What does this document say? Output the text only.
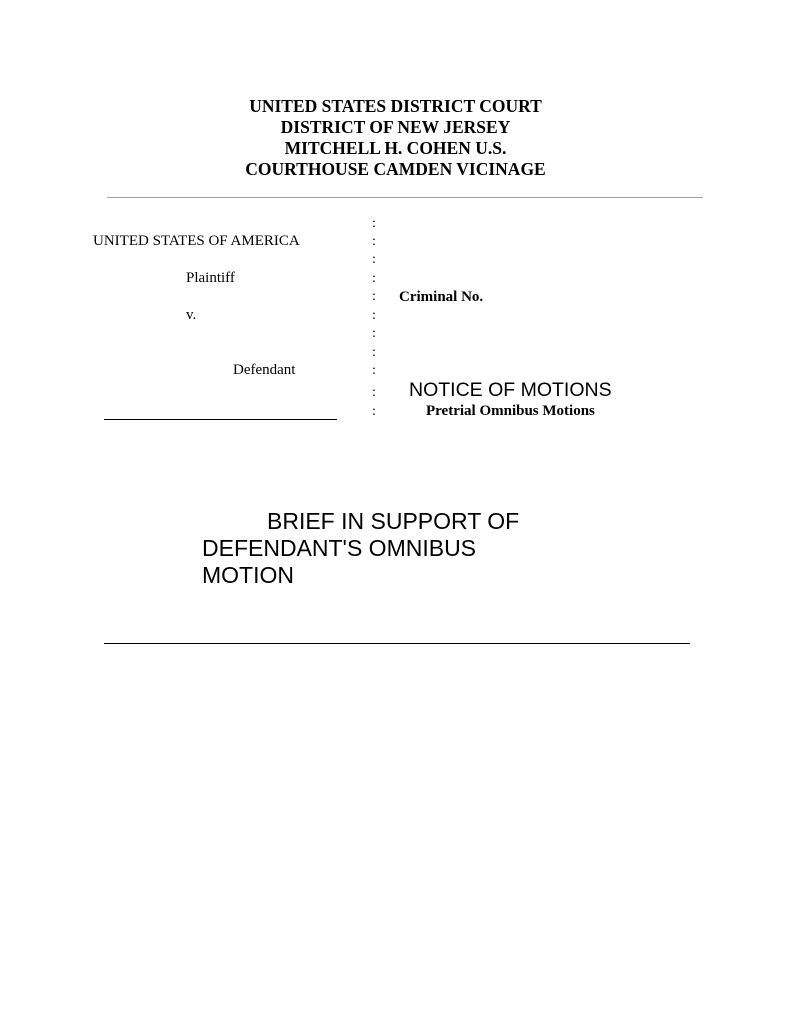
UNITED STATES DISTRICT COURT
DISTRICT OF NEW JERSEY
MITCHELL H. COHEN U.S.
COURTHOUSE CAMDEN VICINAGE
UNITED STATES OF AMERICA
Plaintiff
v.
Defendant
:
:
:
:
:
:
:
:
:
:
:
Criminal No.
NOTICE OF MOTIONS
Pretrial Omnibus Motions
BRIEF IN SUPPORT OF DEFENDANT'S OMNIBUS MOTION
